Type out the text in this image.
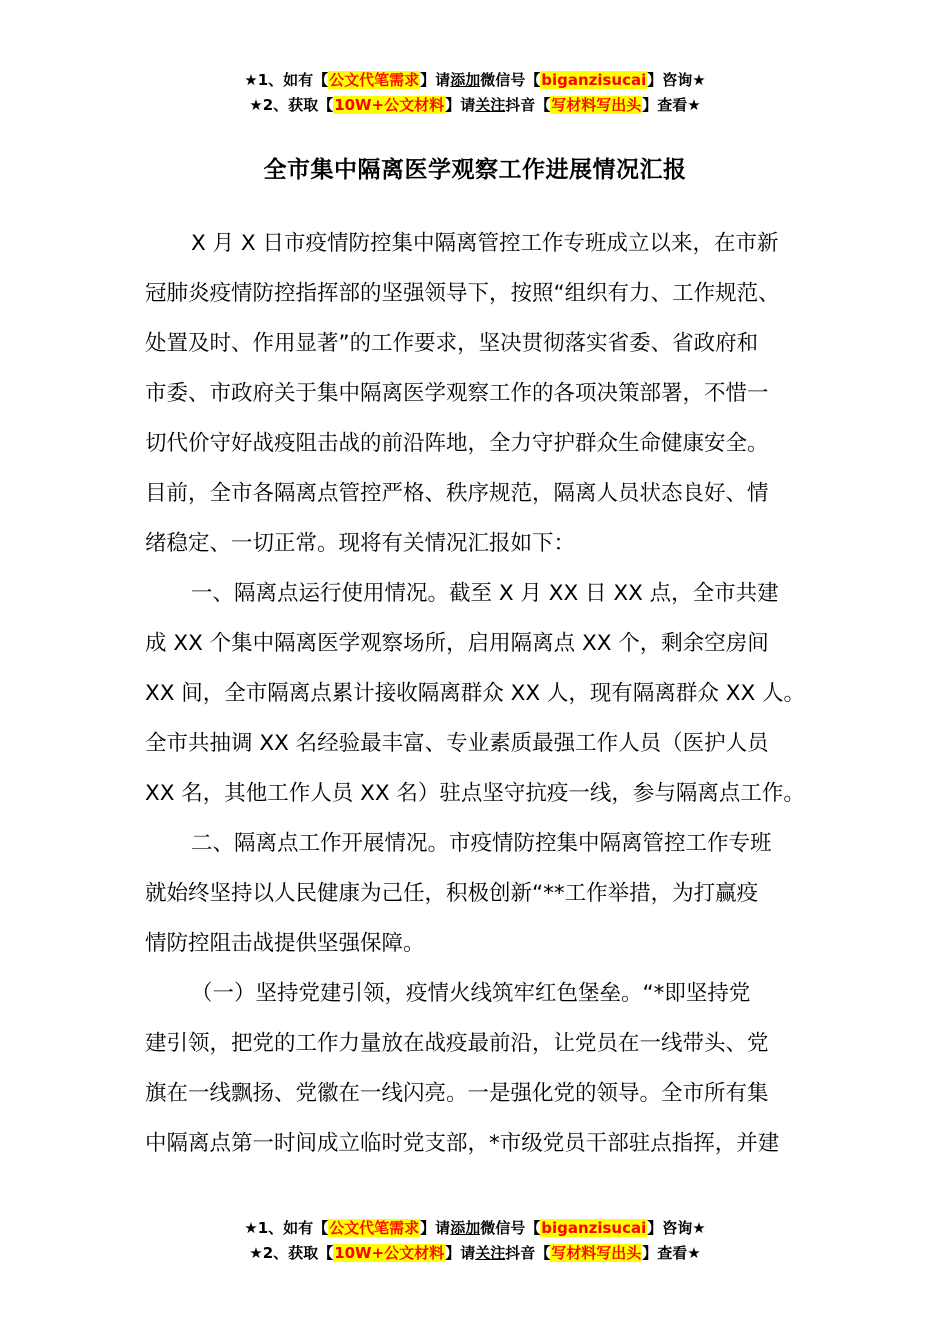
★1、如有【公文代笔需求】请添加微信号【biganzisucai】咨询★
★2、获取【10W+公文材料】请关注抖音【写材料写出头】查看★
全市集中隔离医学观察工作进展情况汇报
X 月 X 日市疫情防控集中隔离管控工作专班成立以来，在市新
冠肺炎疫情防控指挥部的坚强领导下，按照“组织有力、工作规范、
处置及时、作用显著”的工作要求，坚决贯彻落实省委、省政府和
市委、市政府关于集中隔离医学观察工作的各项决策部署，不惜一
切代价守好战疫阻击战的前沿阵地，全力守护群众生命健康安全。
目前，全市各隔离点管控严格、秩序规范，隔离人员状态良好、情
绪稳定、一切正常。现将有关情况汇报如下：
一、隔离点运行使用情况。截至 X 月 XX 日 XX 点，全市共建
成 XX 个集中隔离医学观察场所，启用隔离点 XX 个，剩余空房间
XX 间，全市隔离点累计接收隔离群众 XX 人，现有隔离群众 XX 人。
全市共抽调 XX 名经验最丰富、专业素质最强工作人员（医护人员
XX 名，其他工作人员 XX 名）驻点坚守抗疫一线，参与隔离点工作。
二、隔离点工作开展情况。市疫情防控集中隔离管控工作专班
就始终坚持以人民健康为己任，积极创新“**工作举措，为打赢疫
情防控阻击战提供坚强保障。
（一）坚持党建引领，疫情火线筑牢红色堡垒。“*即坚持党
建引领，把党的工作力量放在战疫最前沿，让党员在一线带头、党
旗在一线飘扬、党徽在一线闪亮。一是强化党的领导。全市所有集
中隔离点第一时间成立临时党支部，*市级党员干部驻点指挥，并建
★1、如有【公文代笔需求】请添加微信号【biganzisucai】咨询★
★2、获取【10W+公文材料】请关注抖音【写材料写出头】查看★
